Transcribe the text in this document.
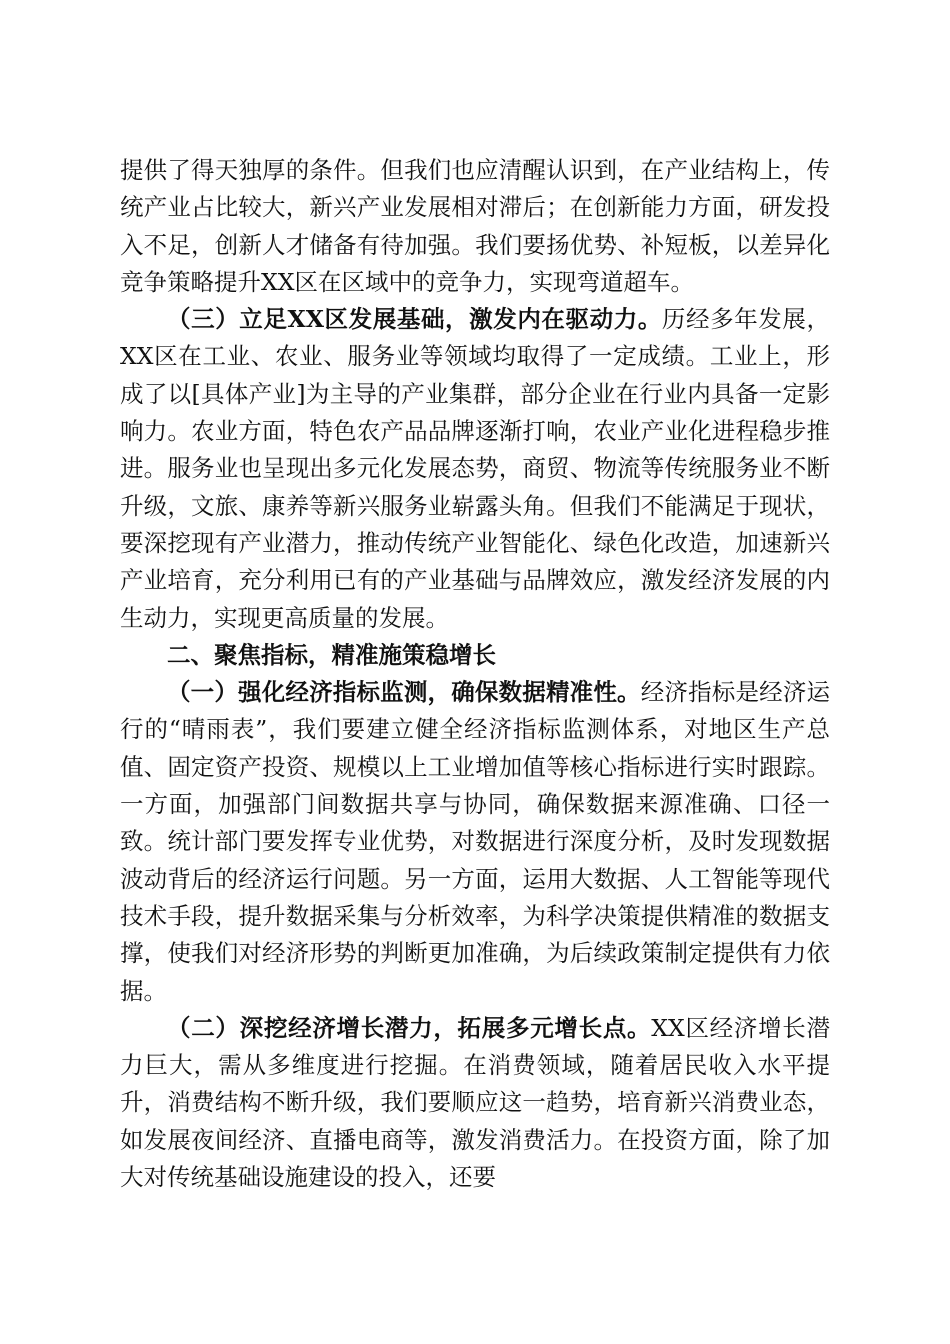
提供了得天独厚的条件。但我们也应清醒认识到，在产业结构上，传统产业占比较大，新兴产业发展相对滞后；在创新能力方面，研发投入不足，创新人才储备有待加强。我们要扬优势、补短板，以差异化竞争策略提升XX区在区域中的竞争力，实现弯道超车。

（三）立足XX区发展基础，激发内在驱动力。历经多年发展，XX区在工业、农业、服务业等领域均取得了一定成绩。工业上，形成了以[具体产业]为主导的产业集群，部分企业在行业内具备一定影响力。农业方面，特色农产品品牌逐渐打响，农业产业化进程稳步推进。服务业也呈现出多元化发展态势，商贸、物流等传统服务业不断升级，文旅、康养等新兴服务业崭露头角。但我们不能满足于现状，要深挖现有产业潜力，推动传统产业智能化、绿色化改造，加速新兴产业培育，充分利用已有的产业基础与品牌效应，激发经济发展的内生动力，实现更高质量的发展。

二、聚焦指标，精准施策稳增长

（一）强化经济指标监测，确保数据精准性。经济指标是经济运行的“晴雨表”，我们要建立健全经济指标监测体系，对地区生产总值、固定资产投资、规模以上工业增加值等核心指标进行实时跟踪。一方面，加强部门间数据共享与协同，确保数据来源准确、口径一致。统计部门要发挥专业优势，对数据进行深度分析，及时发现数据波动背后的经济运行问题。另一方面，运用大数据、人工智能等现代技术手段，提升数据采集与分析效率，为科学决策提供精准的数据支撑，使我们对经济形势的判断更加准确，为后续政策制定提供有力依据。

（二）深挖经济增长潜力，拓展多元增长点。XX区经济增长潜力巨大，需从多维度进行挖掘。在消费领域，随着居民收入水平提升，消费结构不断升级，我们要顺应这一趋势，培育新兴消费业态，如发展夜间经济、直播电商等，激发消费活力。在投资方面，除了加大对传统基础设施建设的投入，还要
